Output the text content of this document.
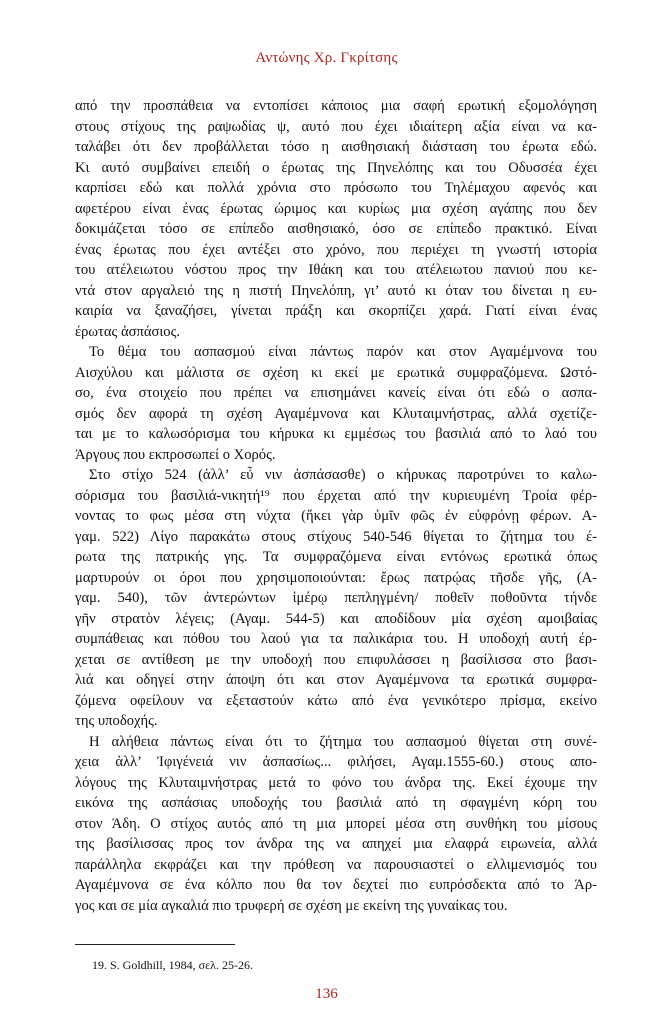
Αντώνης Χρ. Γκρίτσης
από την προσπάθεια να εντοπίσει κάποιος μια σαφή ερωτική εξομολόγηση
στους στίχους της ραψωδίας ψ, αυτό που έχει ιδιαίτερη αξία είναι να κα-
ταλάβει ότι δεν προβάλλεται τόσο η αισθησιακή διάσταση του έρωτα εδώ.
Κι αυτό συμβαίνει επειδή ο έρωτας της Πηνελόπης και του Οδυσσέα έχει
καρπίσει εδώ και πολλά χρόνια στο πρόσωπο του Τηλέμαχου αφενός και
αφετέρου είναι ένας έρωτας ώριμος και κυρίως μια σχέση αγάπης που δεν
δοκιμάζεται τόσο σε επίπεδο αισθησιακό, όσο σε επίπεδο πρακτικό. Είναι
ένας έρωτας που έχει αντέξει στο χρόνο, που περιέχει τη γνωστή ιστορία
του ατέλειωτου νόστου προς την Ιθάκη και του ατέλειωτου πανιού που κε-
ντά στον αργαλειό της η πιστή Πηνελόπη, γι’ αυτό κι όταν του δίνεται η ευ-
καιρία να ξαναζήσει, γίνεται πράξη και σκορπίζει χαρά. Γιατί είναι ένας
έρωτας ἀσπάσιος.
Το θέμα του ασπασμού είναι πάντως παρόν και στον Αγαμέμνονα του
Αισχύλου και μάλιστα σε σχέση κι εκεί με ερωτικά συμφραζόμενα. Ωστό-
σο, ένα στοιχείο που πρέπει να επισημάνει κανείς είναι ότι εδώ ο ασπα-
σμός δεν αφορά τη σχέση Αγαμέμνονα και Κλυταιμνήστρας, αλλά σχετίζε-
ται με το καλωσόρισμα του κήρυκα κι εμμέσως του βασιλιά από το λαό του
Άργους που εκπροσωπεί ο Χορός.
Στο στίχο 524 (ἀλλ’ εὖ νιν ἀσπάσασθε) ο κήρυκας παροτρύνει το καλω-
σόρισμα του βασιλιά-νικητή¹⁹ που έρχεται από την κυριευμένη Τροία φέρ-
νοντας το φως μέσα στη νύχτα (ἥκει γὰρ ὑμῖν φῶς ἐν εὐφρόνῃ φέρων. Α-
γαμ. 522) Λίγο παρακάτω στους στίχους 540-546 θίγεται το ζήτημα του έ-
ρωτα της πατρικής γης. Τα συμφραζόμενα είναι εντόνως ερωτικά όπως
μαρτυρούν οι όροι που χρησιμοποιούνται: ἔρως πατρῴας τῆσδε γῆς, (Α-
γαμ. 540), τῶν ἀντερώντων ἱμέρῳ πεπληγμένη/ ποθεῖν ποθοῦντα τήνδε
γῆν στρατὸν λέγεις; (Αγαμ. 544-5) και αποδίδουν μία σχέση αμοιβαίας
συμπάθειας και πόθου του λαού για τα παλικάρια του. Η υποδοχή αυτή έρ-
χεται σε αντίθεση με την υποδοχή που επιφυλάσσει η βασίλισσα στο βασι-
λιά και οδηγεί στην άποψη ότι και στον Αγαμέμνονα τα ερωτικά συμφρα-
ζόμενα οφείλουν να εξεταστούν κάτω από ένα γενικότερο πρίσμα, εκείνο
της υποδοχής.
Η αλήθεια πάντως είναι ότι το ζήτημα του ασπασμού θίγεται στη συνέ-
χεια ἀλλ’ Ἰφιγένειά νιν ἀσπασίως... φιλήσει, Αγαμ.1555-60.) στους απο-
λόγους της Κλυταιμνήστρας μετά το φόνο του άνδρα της. Εκεί έχουμε την
εικόνα της ασπάσιας υποδοχής του βασιλιά από τη σφαγμένη κόρη του
στον Άδη. Ο στίχος αυτός από τη μια μπορεί μέσα στη συνθήκη του μίσους
της βασίλισσας προς τον άνδρα της να απηχεί μια ελαφρά ειρωνεία, αλλά
παράλληλα εκφράζει και την πρόθεση να παρουσιαστεί ο ελλιμενισμός του
Αγαμέμνονα σε ένα κόλπο που θα τον δεχτεί πιο ευπρόσδεκτα από το Άρ-
γος και σε μία αγκαλιά πιο τρυφερή σε σχέση με εκείνη της γυναίκας του.
19. S. Goldhill, 1984, σελ. 25-26.
136
